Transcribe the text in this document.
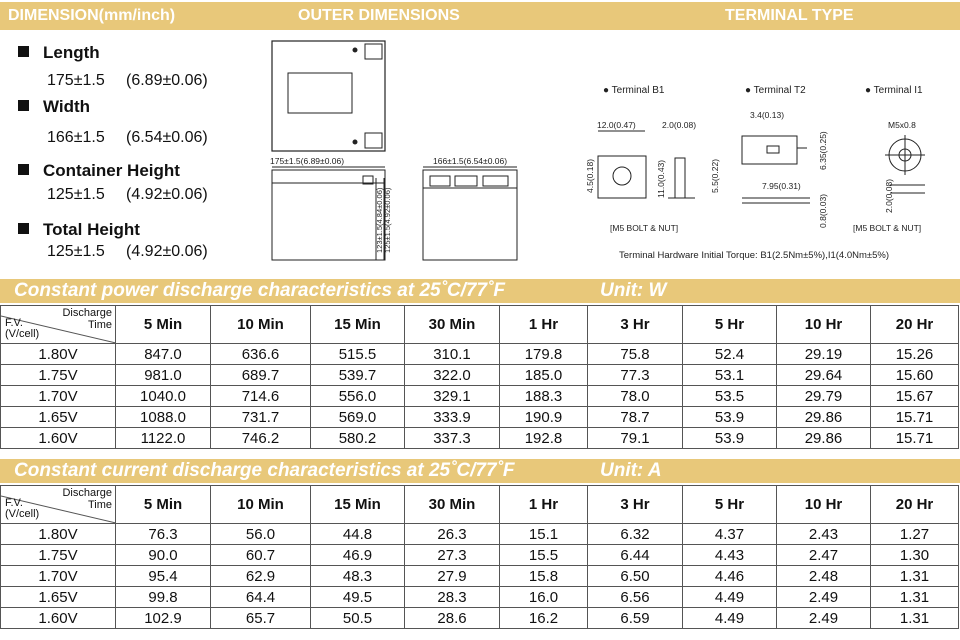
DIMENSION(mm/inch)	OUTER DIMENSIONS	TERMINAL TYPE
Length
175±1.5 (6.89±0.06)
Width
166±1.5 (6.54±0.06)
Container Height
125±1.5 (4.92±0.06)
Total Height
125±1.5 (4.92±0.06)
175±1.5(6.89±0.06)
123±1.5(4.84±0.06) 125±1.5(4.92±0.06)
166±1.5(6.54±0.06)
● Terminal B1	● Terminal T2	● Terminal I1
12.0(0.47)	2.0(0.08)
4.5(0.18)	11.0(0.43)	5.5(0.22)
[M5 BOLT & NUT]
3.4(0.13)
6.35(0.25)
7.95(0.31)
0.8(0.03)
M5x0.8
2.0(0.08)
[M5 BOLT & NUT]
Terminal Hardware Initial Torque: B1(2.5Nm±5%),I1(4.0Nm±5%)
Constant power discharge characteristics at 25˚C/77˚F	Unit: W
Discharge
Time
F.V.
(V/cell)	5 Min	10 Min	15 Min	30 Min	1 Hr	3 Hr	5 Hr	10 Hr	20 Hr
1.80V	847.0	636.6	515.5	310.1	179.8	75.8	52.4	29.19	15.26
1.75V	981.0	689.7	539.7	322.0	185.0	77.3	53.1	29.64	15.60
1.70V	1040.0	714.6	556.0	329.1	188.3	78.0	53.5	29.79	15.67
1.65V	1088.0	731.7	569.0	333.9	190.9	78.7	53.9	29.86	15.71
1.60V	1122.0	746.2	580.2	337.3	192.8	79.1	53.9	29.86	15.71
Constant current discharge characteristics at 25˚C/77˚F	Unit: A
Discharge
Time
F.V.
(V/cell)	5 Min	10 Min	15 Min	30 Min	1 Hr	3 Hr	5 Hr	10 Hr	20 Hr
1.80V	76.3	56.0	44.8	26.3	15.1	6.32	4.37	2.43	1.27
1.75V	90.0	60.7	46.9	27.3	15.5	6.44	4.43	2.47	1.30
1.70V	95.4	62.9	48.3	27.9	15.8	6.50	4.46	2.48	1.31
1.65V	99.8	64.4	49.5	28.3	16.0	6.56	4.49	2.49	1.31
1.60V	102.9	65.7	50.5	28.6	16.2	6.59	4.49	2.49	1.31
